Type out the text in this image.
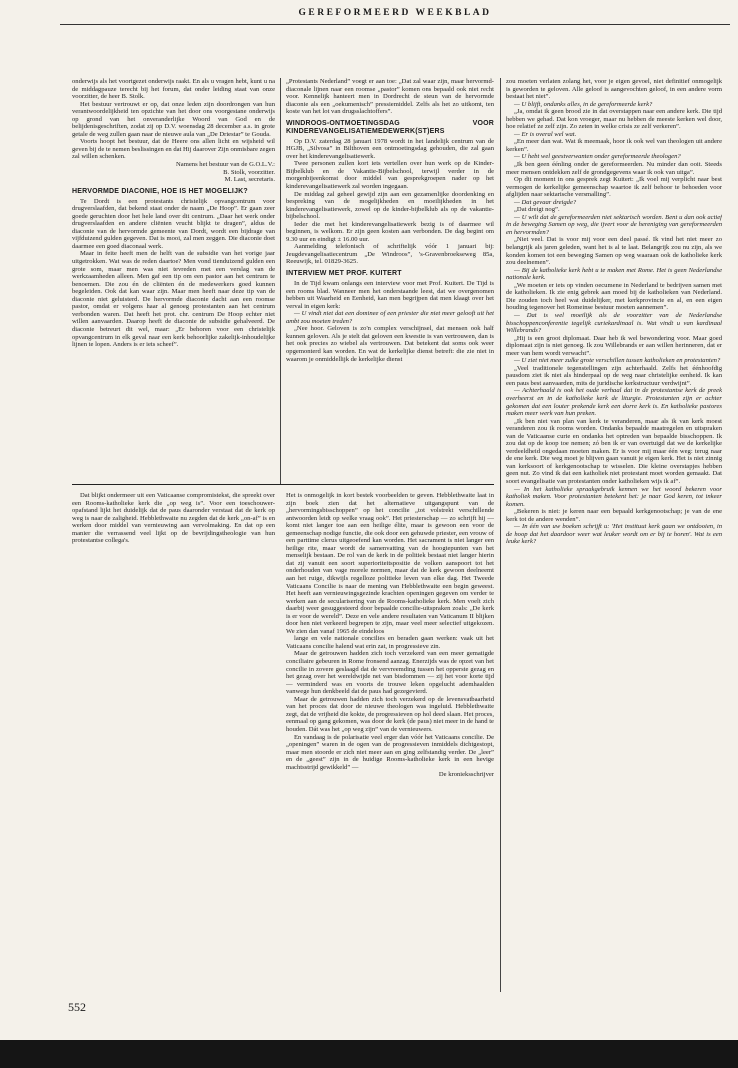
GEREFORMEERD WEEKBLAD

onderwijs als het voortgezet onderwijs raakt. En als u vragen hebt, kunt u na de middagpauze terecht bij het forum, dat onder leiding staat van onze voorzitter, de heer B. Stolk.

Het bestuur vertrouwt er op, dat onze leden zijn doordrongen van hun verantwoordelijkheid ten opzichte van het door ons voorgestane onderwijs op grond van het onveranderlijke Woord van God en de belijdenisgeschriften, zodat zij op D.V. woensdag 28 december a.s. in grote getale de weg zullen gaan naar de nieuwe aula van „De Driestar” te Gouda.

Voorts hoopt het bestuur, dat de Heere ons allen licht en wijsheid wil geven bij de te nemen beslissingen en dat Hij daarover Zijn onmisbare zegen zal willen schenken.

Namens het bestuur van de G.O.L.V.:

B. Stolk, voorzitter.

M. Last, secretaris.

HERVORMDE DIACONIE, HOE IS HET MOGELIJK?

Te Dordt is een protestants christelijk opvangcentrum voor drugverslaafden, dat bekend staat onder de naam „De Hoop”. Er gaan zeer goede geruchten door het hele land over dit centrum. „Daar het werk onder drugverslaafden en andere cliënten vrucht blijkt te dragen”, aldus de diaconie van de hervormde gemeente van Dordt, wordt een bijdrage van vijfduizend gulden gegeven. Dat is mooi, zal men zeggen. Die diaconie doet daarmee een goed diaconaal werk.

Maar in feite heeft men de helft van de subsidie van het vorige jaar uitgetrokken. Wat was de reden daartoe? Men vond tienduizend gulden een grote som, maar men was niet tevreden met een verslag van de werkzaamheden alleen. Men gaf een tip om een pastor aan het centrum te benoemen. Die zou én de cliënten én de medewerkers goed kunnen begeleiden. Ook dat kan waar zijn. Maar men heeft naar deze tip van de diaconie niet geluisterd. De hervormde diaconie dacht aan een roomse pastor, omdat er volgens haar al genoeg protestanten aan het centrum verbonden waren. Dat heeft het prot. chr. centrum De Hoop echter niet willen aanvaarden. Daarop heeft de diaconie de subsidie gehalveerd. De diaconie betreurt dit wel, maar: „Er behoren voor een christelijk opvangcentrum in elk geval naar een kerk behoorlijke zakelijk-inhoudelijke lijnen te lopen. Anders is er iets scheef”.

„Protestants Nederland” voegt er aan toe: „Dat zal waar zijn, maar hervormd-diaconale lijnen naar een roomse „pastor” komen ons bepaald ook niet recht voor. Kennelijk hanteert men in Dordrecht de steun van de hervormde diaconie als een „oekumenisch” pressiemiddel. Zelfs als het zo uitkomt, ten koste van het lot van drugsslachtoffers”.

WINDROOS-ONTMOETINGSDAG VOOR KINDEREVANGELISATIEMEDEWERK(ST)ERS

Op D.V. zaterdag 28 januari 1978 wordt in het landelijk centrum van de HGJB, „Silvosa” in Bilthoven een ontmoetingsdag gehouden, die zal gaan over het kinderevangelisatiewerk.

Twee personen zullen kort iets vertellen over hun werk op de Kinder-Bijbelklub en de Vakantie-Bijbelschool, terwijl verder in de morgenbijeenkomst door middel van gesprekgroepen nader op het kinderevangelisatiewerk zal worden ingegaan.

De middag zal geheel gewijd zijn aan een gezamenlijke doordenking en bespreking van de mogelijkheden en moeilijkheden in het kinderevangelisatiewerk, zowel op de kinder-bijbelklub als op de vakantie-bijbelschool.

Ieder die met het kinderevangelisatiewerk bezig is of daarmee wil beginnen, is welkom. Er zijn geen kosten aan verbonden. De dag begint om 9.30 uur en eindigt ± 16.00 uur.

Aanmelding telefonisch of schriftelijk vóór 1 januari bij: Jeugdevangelisatiecentrum „De Windroos”, 's-Gravenbroekseweg 85a, Reeuwijk, tel. 01829-3625.

INTERVIEW MET PROF. KUITERT

In de Tijd kwam onlangs een interview voor met Prof. Kuitert. De Tijd is een rooms blad. Wanneer men het onderstaande leest, dat we overgenomen hebben uit Waarheid en Eenheid, kan men begrijpen dat men klaagt over het verval in eigen kerk:

— U vindt niet dat een dominee of een priester die niet meer gelooft uit het ambt zou moeten treden?

„Nee hoor. Geloven is zo'n complex verschijnsel, dat mensen ook half kunnen geloven. Als je stelt dat geloven een kwestie is van vertrouwen, dan is het ook precies zo wiebel als vertrouwen. Dat betekent dat soms ook weer opgemonterd kan worden. En wat de kerkelijke dienst betreft: die zie niet in waarom je onmiddellijk de kerkelijke dienst

zou moeten verlaten zolang het, voor je eigen gevoel, niet definitief onmogelijk is geworden te geloven. Alle geloof is aangevochten geloof, in een andere vorm bestaat het niet”.

— U blijft, ondanks alles, in de gereformeerde kerk?

„Ja, omdat ik geen brood zie in dat overstappen naar een andere kerk. Die tijd hebben we gehad. Dat kon vroeger, maar nu hebben de meeste kerken wel door, hoe relatief ze zelf zijn. Zo zeten in welke crisis ze zelf verkeren”.

— Er is overal wel wat.

„En meer dan wat. Wat ik meemaak, hoor ik ook wel van theologen uit andere kerken”.

— U hebt wel geestverwanten onder gereformeerde theologen?

„Ik ben geen éénling onder de gereformeerden. Nu minder dan ooit. Steeds meer mensen ontdekken zelf de grondgegevens waar ik ook van uitga”.

Op dit moment in ons gesprek zegt Kuitert: „Ik voel mij verplicht naar best vermogen de kerkelijke gemeenschap waartoe ik zelf behoor te behoeden voor afglijden naar sektarische versmalling”.

— Dat gevaar dreigde?

„Dat dreigt nog”.

— U wilt dat de gereformeerden niet sektarisch worden. Bent u dan ook actief in de beweging Samen op weg, die ijvert voor de hereniging van gereformeerden en hervormden?

„Niet veel. Dat is voor mij voor een deel passé. Ik vind het niet meer zo belangrijk als jaren geleden, want het is al te laat. Belangrijk zou nu zijn, als we konden komen tot een beweging Samen op weg waaraan ook de katholieke kerk zou deelnemen”.

— Bij de katholieke kerk hebt u te maken met Rome. Het is geen Nederlandse nationale kerk.

„We moeten er iets op vinden oecumene in Nederland te bedrijven samen met de katholieken. Ik zie enig gebrek aan moed bij de katholieken van Nederland. Die zouden toch heel wat duidelijker, met kerkprovincie en al, en een eigen houding tegenover het Romeinse bestuur moeten aannemen”.

— Dat is wel moeilijk als de voorzitter van de Nederlandse bisschoppenconferentie tegelijk curiekardinaal is. Wat vindt u van kardinaal Willebrands?

„Hij is een groot diplomaat. Daar heb ik wel bewondering voor. Maar goed diplomaat zijn is niet genoeg. Ik zou Willebrands er aan willen herinneren, dat er meer van hem wordt verwacht”.

— U ziet niet meer zulke grote verschillen tussen katholieken en protestanten?

„Veel traditionele tegenstellingen zijn achterhaald. Zelfs het éénhoofdig pausdom ziet ik niet als hinderpaal op de weg naar christelijke eenheid. Ik kan een paus best aanvaarden, mits de juridische kerkstructuur verdwijnt”.

— Achterhaald is ook het oude verhaal dat in de protestantse kerk de preek overheerst en in de katholieke kerk de liturgie. Protestanten zijn er achter gekomen dat een louter prekende kerk een dorre kerk is. En katholieke pastores maken meer werk van hun preken.

„Ik ben niet van plan van kerk te veranderen, maar als ik van kerk moest veranderen zou ik rooms worden. Ondanks bepaalde maatregelen en uitspraken van de Vaticaanse curie en ondanks het optreden van bepaalde bisschoppen. Ik zou dat op de koop toe nemen; zó ben ik er van overtuigd dat we de kerkelijke verdeeldheid ongedaan moeten maken. Er is voor mij maar één weg: terug naar de ene kerk. Die weg moet je blijven gaan vanuit je eigen kerk. Het is niet zinnig van kerksoort of kerkgenootschap te wisselen. Die kleine overstapjes hebben geen nut. Zo vind ik dat een katholiek niet protestant moet worden gemaakt. Dat soort evangelisatie van protestanten onder katholieken wijs ik af”.

— In het katholieke spraakgebruik kennen we het woord bekeren voor katholiek maken. Voor protestanten betekent het: je naar God keren, tot inkeer komen.

„Bekeren is niet: je keren naar een bepaald kerkgenootschap; je van de ene kerk tot de andere wenden”.

— In één van uw boeken schrijft u: 'Het instituut kerk gaan we ontdooien, in de hoop dat het daardoor weer wat leuker wordt om er bij te horen'. Wat is een leuke kerk?

Dat blijkt ondermeer uit een Vaticaanse compromistekst, die spreekt over een Rooms-katholieke kerk die „op weg is”. Voor een toeschouwer-opafstand lijkt het duidelijk dat de paus daaronder verstaat dat de kerk op weg is naar de zaligheid. Hebblethwaite nu zegden dat de kerk „on-af” is en werken door middel van vernieuwing aan vervolmaking. En dat op een manier die verrassend veel lijkt op de bevrijdingstheologie van hun protestantse collega's.

Het is onmogelijk in kort bestek voorbeelden te geven. Hebblethwaite laat in zijn boek zien dat het alternatieve uitgangspunt van de „hervormingsbisschoppen” op het concilie „tot volstrekt verschillende antwoorden leidt op welke vraag ook”. Het priesterschap — zo schrijft hij — komt niet langer toe aan een heilige élite, maar is gewoon een voor de gemeenschap nodige functie, die ook door een gehuwde priester, een vrouw of een parttime clerus uitgeoefend kan worden. Het sacrament is niet langer een heilige rite, maar wordt de samenvatting van de hoogtepunten van het menselijk bestaan. De rol van de kerk in de politiek bestaat niet langer hierin dat zij vanuit een soort superioriteitspositie de volken aanspoort tot het onderhouden van vage morele normen, maar dat de kerk gewoon deelneemt aan het ruige, dikwijls regelloze politieke leven van elke dag. Het Tweede Vaticaans Concilie is naar de mening van Hebblethwaite een begin geweest. Het heeft aan vernieuwingsgezinde krachten openingen gegeven om verder te werken aan de secularisering van de Rooms-katholieke kerk. Men voelt zich daarbij weer gesuggesteerd door bepaalde concilie-uitspraken zoals: „De kerk is er voor de wereld”. Deze en vele andere resultaten van Vaticanum II blijken door hen niet verkeerd begrepen te zijn, maar veel meer selectief uitgekozen. We zien dan vanaf 1965 de eindeloos

lange en vele nationale concilies en beraden gaan werken: vaak uit het Vaticaans concilie halend wat erin zat, in progressieve zin.

Maar de getrouwen hadden zich toch verzekerd van een meer gematigde conciliaire gebeuren in Rome fronsend aanzag. Enerzijds was de opzet van het concilie in zovere geslaagd dat de vervreemding tussen het opperste gezag en het gezag over het wereldwijde net van bisdommen — zij het voor korte tijd — verminderd was en voorts de trouwe leken opgelucht ademhaalden vanwege hun denkbeeld dat de paus had gezegevierd.

Maar de getrouwen hadden zich toch verzekerd op de levensvatbaarheid van het proces dat door de nieuwe theologen was ingeluid. Hebblethwaite zegt, dat de vrijheid die kokte, de progressieven op hol deed slaan. Het proces, eenmaal op gang gekomen, was door de kerk (de paus) niet meer in de hand te houden. Dát was het „op weg zijn” van de vernieuwers.

En vandaag is de polarisatie veel erger dan vóór het Vaticaans concilie. De „openingen” waren in de ogen van de progressieven inmiddels dichtgestopt, maar men stoorde er zich niet meer aan en ging zelfstandig verder. De „leer” en de „geest” zijn in de huidige Rooms-katholieke kerk in een hevige machtsstrijd gewikkeld” —

De kronieksschrijver

552
